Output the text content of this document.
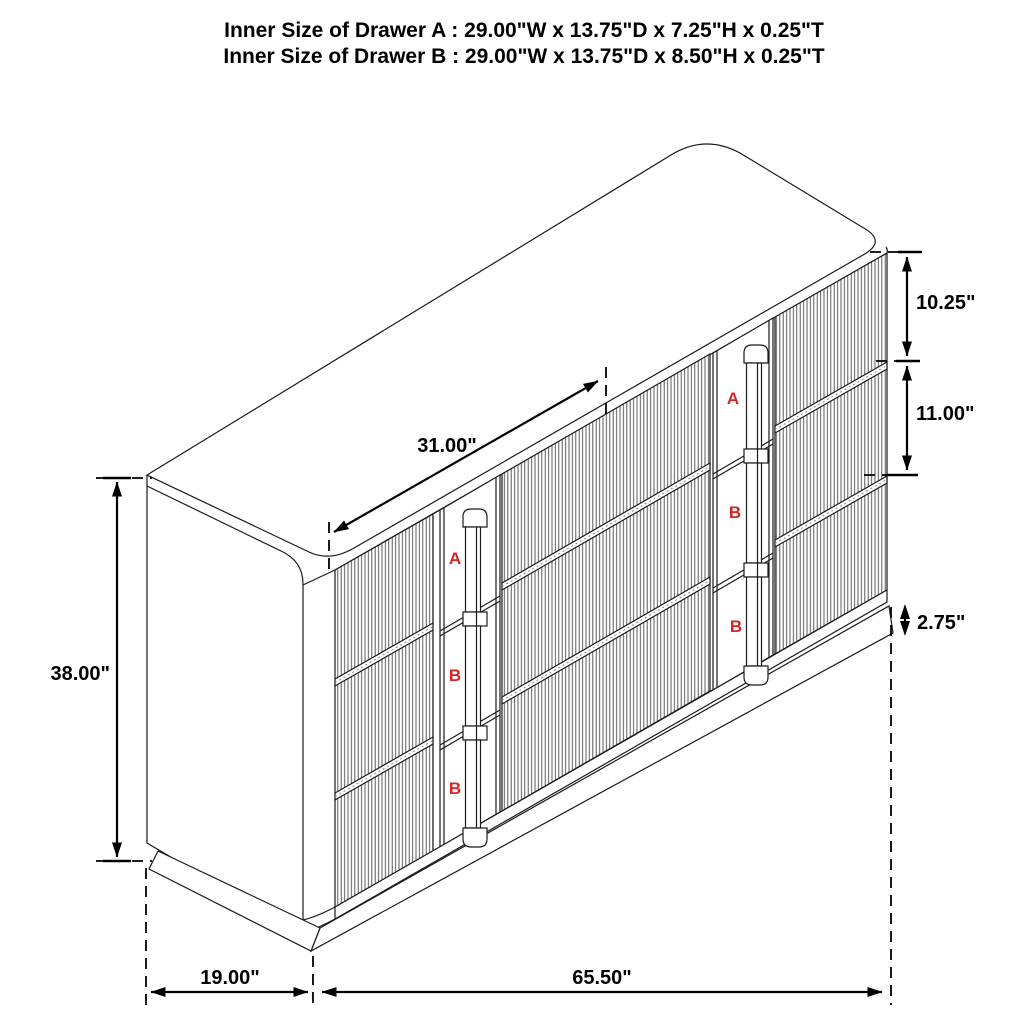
Inner Size of Drawer A : 29.00"W x 13.75"D x 7.25"H x 0.25"T
Inner Size of Drawer B : 29.00"W x 13.75"D x 8.50"H x 0.25"T
A
B
B
A
B
B
38.00"
31.00"
10.25"
11.00"
2.75"
19.00"	65.50"
